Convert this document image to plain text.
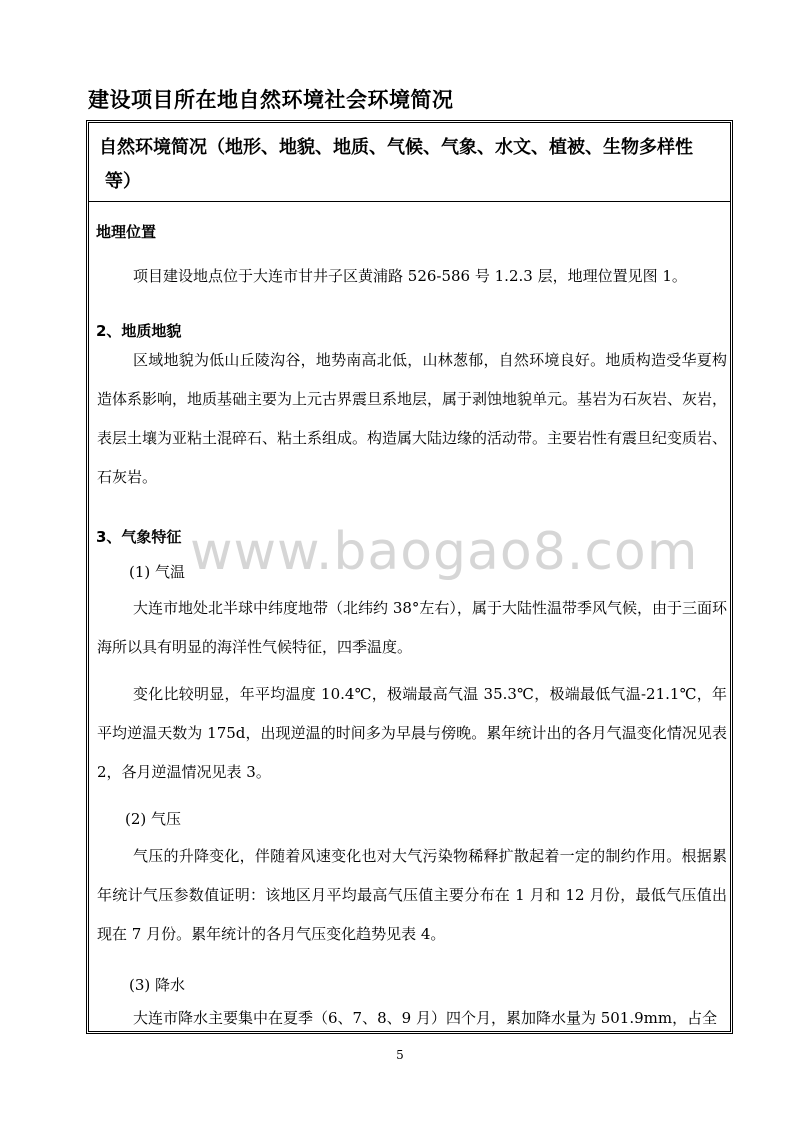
建设项目所在地自然环境社会环境简况
自然环境简况（地形、地貌、地质、气候、气象、水文、植被、生物多样性
等）
地理位置
项目建设地点位于大连市甘井子区黄浦路 526-586 号 1.2.3 层，地理位置见图 1。
2、地质地貌
区域地貌为低山丘陵沟谷，地势南高北低，山林葱郁，自然环境良好。地质构造受华夏构造体系影响，地质基础主要为上元古界震旦系地层，属于剥蚀地貌单元。基岩为石灰岩、灰岩，表层土壤为亚粘土混碎石、粘土系组成。构造属大陆边缘的活动带。主要岩性有震旦纪变质岩、石灰岩。
3、气象特征
(1) 气温
大连市地处北半球中纬度地带（北纬约 38°左右），属于大陆性温带季风气候，由于三面环海所以具有明显的海洋性气候特征，四季温度。
变化比较明显，年平均温度 10.4℃，极端最高气温 35.3℃，极端最低气温-21.1℃，年平均逆温天数为 175d，出现逆温的时间多为早晨与傍晚。累年统计出的各月气温变化情况见表 2，各月逆温情况见表 3。
(2) 气压
气压的升降变化，伴随着风速变化也对大气污染物稀释扩散起着一定的制约作用。根据累年统计气压参数值证明：该地区月平均最高气压值主要分布在 1 月和 12 月份，最低气压值出现在 7 月份。累年统计的各月气压变化趋势见表 4。
(3) 降水
大连市降水主要集中在夏季（6、7、8、9 月）四个月，累加降水量为 501.9mm，占全
www.baogao8.com
5
